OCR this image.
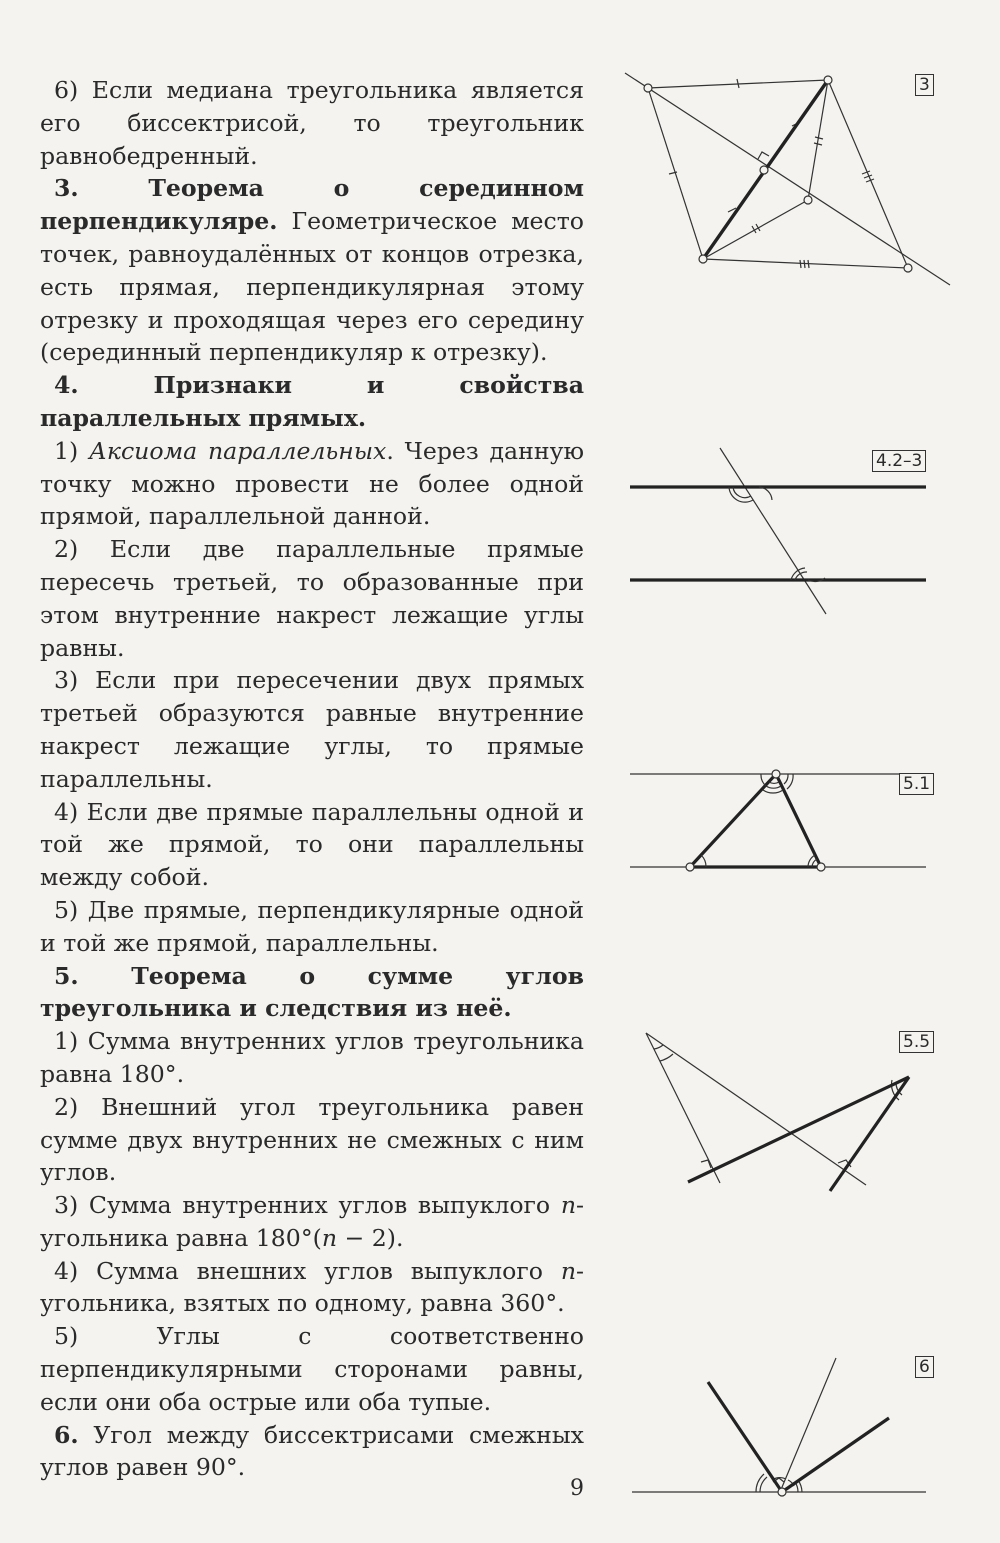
6) Если медиана треугольника является его биссектрисой, то треугольник равнобедренный.

3. Теорема о серединном перпендикуляре. Геометрическое место точек, равноудалённых от концов отрезка, есть прямая, перпендикулярная этому отрезку и проходящая через его середину (серединный перпендикуляр к отрезку).

4. Признаки и свойства параллельных прямых.

1) Аксиома параллельных. Через данную точку можно провести не более одной прямой, параллельной данной.

2) Если две параллельные прямые пересечь третьей, то образованные при этом внутренние накрест лежащие углы равны.

3) Если при пересечении двух прямых третьей образуются равные внутренние накрест лежащие углы, то прямые параллельны.

4) Если две прямые параллельны одной и той же прямой, то они параллельны между собой.

5) Две прямые, перпендикулярные одной и той же прямой, параллельны.

5. Теорема о сумме углов треугольника и следствия из неё.

1) Сумма внутренних углов треугольника равна 180°.

2) Внешний угол треугольника равен сумме двух внутренних не смежных с ним углов.

3) Сумма внутренних углов выпуклого n-угольника равна 180°(n − 2).

4) Сумма внешних углов выпуклого n-угольника, взятых по одному, равна 360°.

5) Углы с соответственно перпендикулярными сторонами равны, если они оба острые или оба тупые.

6. Угол между биссектрисами смежных углов равен 90°.

9
3
4.2–3
5.1
5.5
6
